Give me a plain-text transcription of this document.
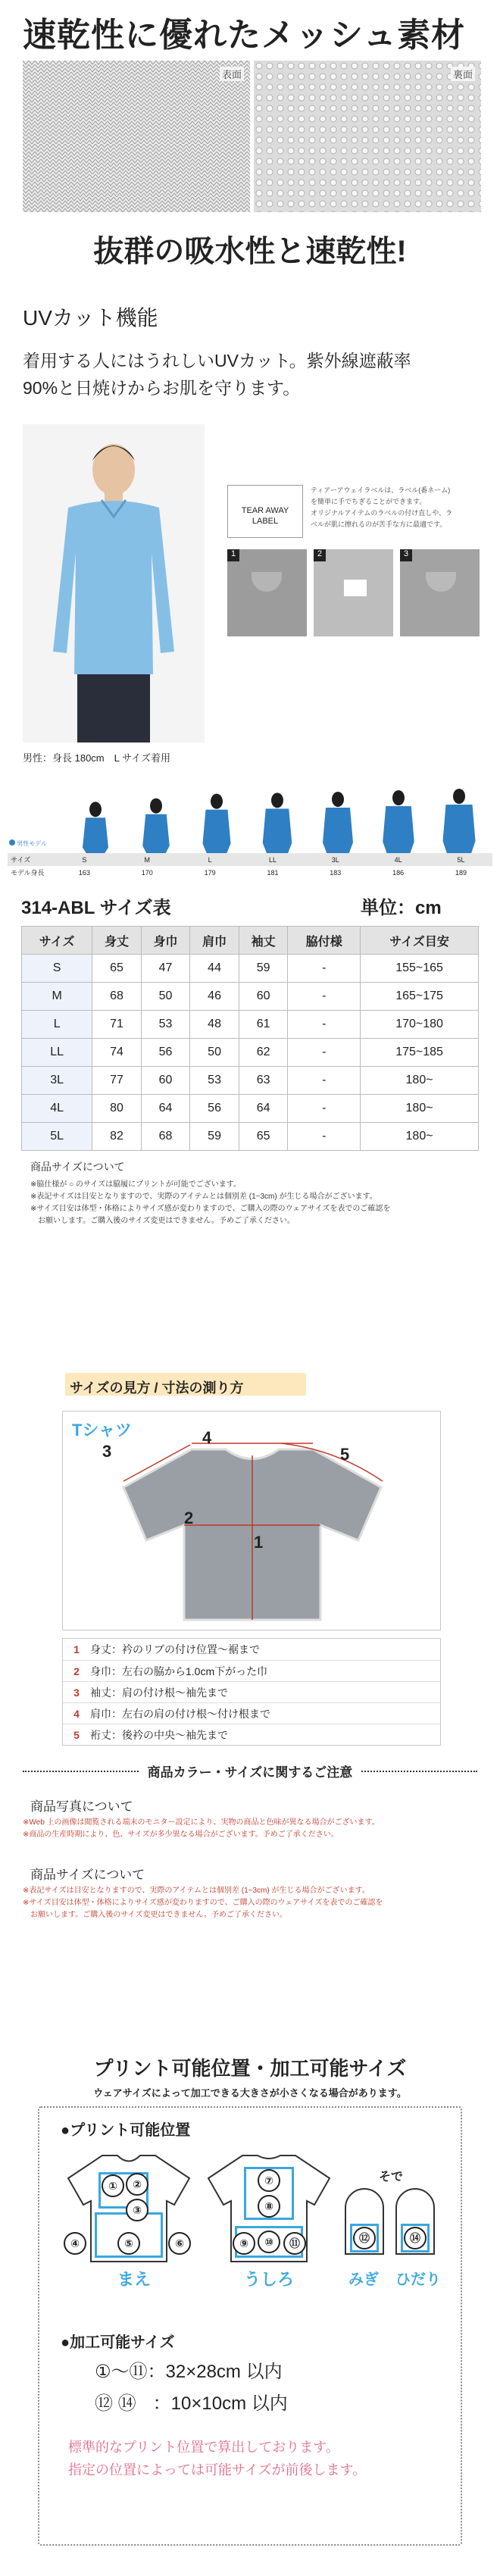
速乾性に優れたメッシュ素材
表面	裏面
抜群の吸水性と速乾性!
UVカット機能
着用する人にはうれしいUVカット。紫外線遮蔽率
90%と日焼けからお肌を守ります。
男性：身長 180cm　L サイズ着用
TEAR AWAY
LABEL
ティアーアウェイラベルは、ラベル(番ネーム)
を簡単に手でちぎることができます。
オリジナルアイテムのラベルの付け直しや、ラ
ベルが肌に擦れるのが苦手な方に最適です。
1	2	3
男性モデル
サイズ	S	M	L	LL	3L	4L	5L
モデル身長	163	170	179	181	183	186	189
314-ABL サイズ表	単位：cm
サイズ	身丈	身巾	肩巾	袖丈	脇付様	サイズ目安
S	65	47	44	59	-	155~165
M	68	50	46	60	-	165~175
L	71	53	48	61	-	170~180
LL	74	56	50	62	-	175~185
3L	77	60	53	63	-	180~
4L	80	64	56	64	-	180~
5L	82	68	59	65	-	180~
商品サイズについて
※脇仕様が ○ のサイズは脇履にプリントが可能でございます。
※表記サイズは目安となりますので、実際のアイテムとは個別差 (1~3cm) が生じる場合がございます。
※サイズ目安は体型・体格によりサイズ感が変わりますので、ご購入の際のウェアサイズを表でのご確認を
　お願いします。ご購入後のサイズ変更はできません。予めご了承ください。
サイズの見方 / 寸法の測り方
Tシャツ
1
2
3
4
5
1	身丈：衿のリブの付け位置～裾まで
2	身巾：左右の脇から1.0cm下がった巾
3	袖丈：肩の付け根～袖先まで
4	肩巾：左右の肩の付け根～付け根まで
5	裄丈：後衿の中央～袖先まで
商品カラー・サイズに関するご注意
商品写真について
※Web 上の画像は閲覧される端末のモニター設定により、実物の商品と色味が異なる場合がございます。
※商品の生産時期により、色、サイズが多少異なる場合がございます。予めご了承ください。
商品サイズについて
※表記サイズは目安となりますので、実際のアイテムとは個別差 (1~3cm) が生じる場合がございます。
※サイズ目安は体型・体格によりサイズ感が変わりますので、ご購入の際のウェアサイズを表でのご確認を
　お願いします。ご購入後のサイズ変更はできません。予めご了承ください。
プリント可能位置・加工可能サイズ
ウェアサイズによって加工できる大きさが小さくなる場合があります。
●プリント可能位置
①	②
③
④	⑤	⑥
まえ
⑦
⑧
⑨	⑩	⑪
うしろ
そで
⑫	⑭
みぎ ひだり
●加工可能サイズ
①～⑪：32×28cm 以内
⑫ ⑭ ：10×10cm 以内
標準的なプリント位置で算出しております。
指定の位置によっては可能サイズが前後します。
